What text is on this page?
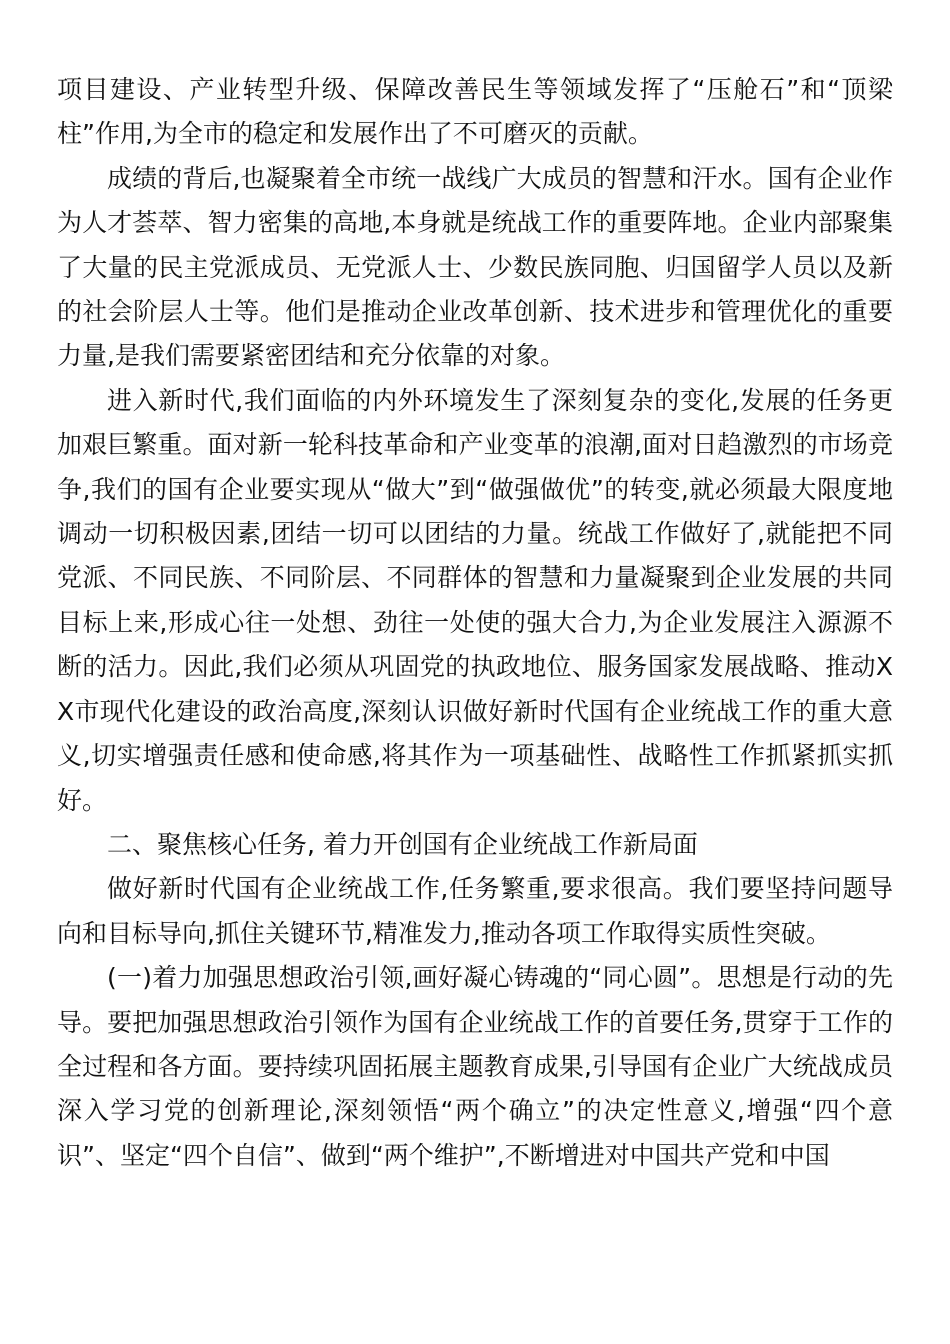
项目建设、产业转型升级、保障改善民生等领域发挥了“压舱石”和“顶梁柱”作用,为全市的稳定和发展作出了不可磨灭的贡献。

成绩的背后,也凝聚着全市统一战线广大成员的智慧和汗水。国有企业作为人才荟萃、智力密集的高地,本身就是统战工作的重要阵地。企业内部聚集了大量的民主党派成员、无党派人士、少数民族同胞、归国留学人员以及新的社会阶层人士等。他们是推动企业改革创新、技术进步和管理优化的重要力量,是我们需要紧密团结和充分依靠的对象。

进入新时代,我们面临的内外环境发生了深刻复杂的变化,发展的任务更加艰巨繁重。面对新一轮科技革命和产业变革的浪潮,面对日趋激烈的市场竞争,我们的国有企业要实现从“做大”到“做强做优”的转变,就必须最大限度地调动一切积极因素,团结一切可以团结的力量。统战工作做好了,就能把不同党派、不同民族、不同阶层、不同群体的智慧和力量凝聚到企业发展的共同目标上来,形成心往一处想、劲往一处使的强大合力,为企业发展注入源源不断的活力。因此,我们必须从巩固党的执政地位、服务国家发展战略、推动XX市现代化建设的政治高度,深刻认识做好新时代国有企业统战工作的重大意义,切实增强责任感和使命感,将其作为一项基础性、战略性工作抓紧抓实抓好。

二、聚焦核心任务, 着力开创国有企业统战工作新局面

做好新时代国有企业统战工作,任务繁重,要求很高。我们要坚持问题导向和目标导向,抓住关键环节,精准发力,推动各项工作取得实质性突破。

(一)着力加强思想政治引领,画好凝心铸魂的“同心圆”。思想是行动的先导。要把加强思想政治引领作为国有企业统战工作的首要任务,贯穿于工作的全过程和各方面。要持续巩固拓展主题教育成果,引导国有企业广大统战成员深入学习党的创新理论,深刻领悟“两个确立”的决定性意义,增强“四个意识”、坚定“四个自信”、做到“两个维护”,不断增进对中国共产党和中国
